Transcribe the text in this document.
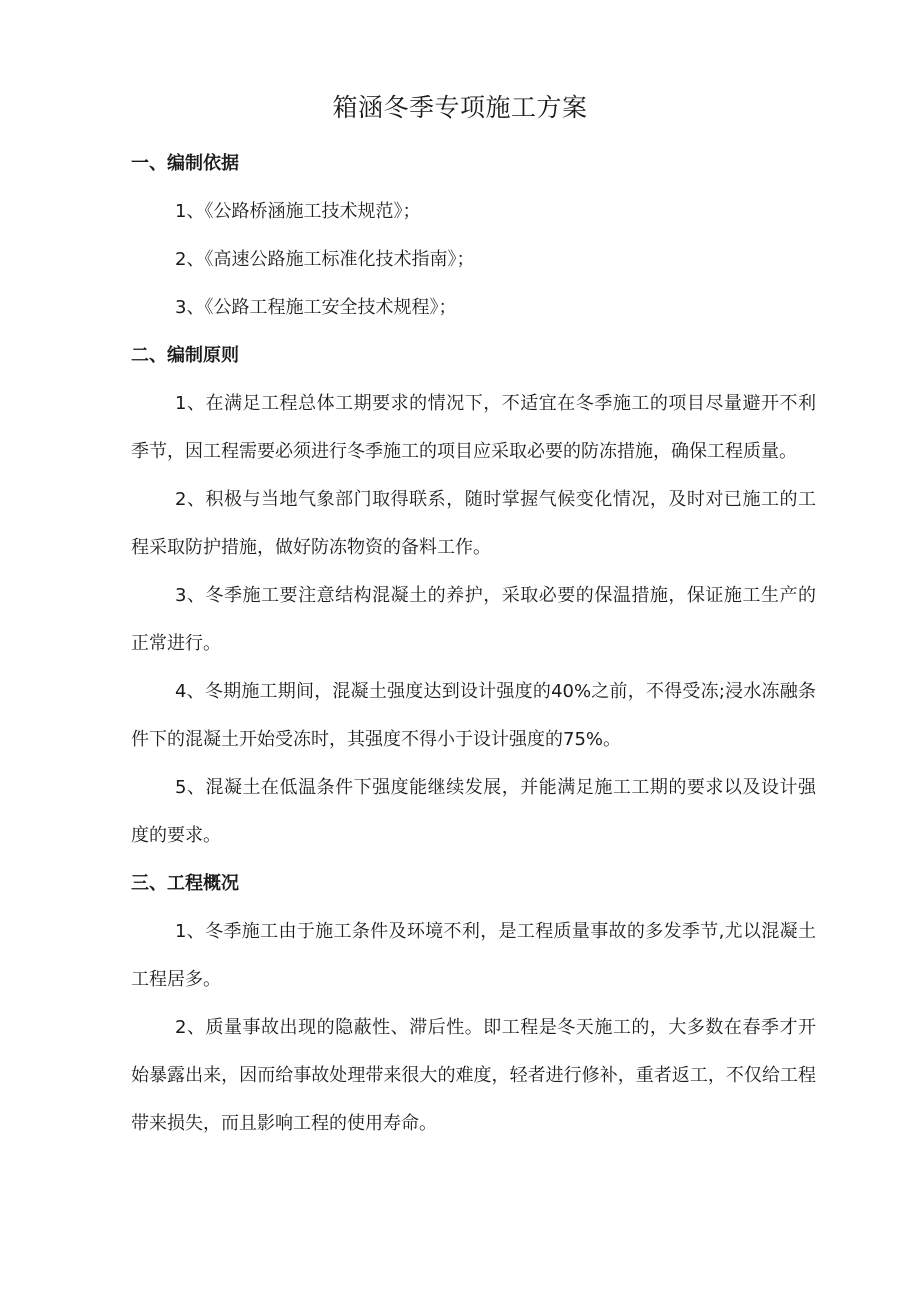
箱涵冬季专项施工方案

一、编制依据

1、《公路桥涵施工技术规范》；

2、《高速公路施工标准化技术指南》；

3、《公路工程施工安全技术规程》；

二、编制原则

1、在满足工程总体工期要求的情况下，不适宜在冬季施工的项目尽量避开不利季节，因工程需要必须进行冬季施工的项目应采取必要的防冻措施，确保工程质量。

2、积极与当地气象部门取得联系，随时掌握气候变化情况，及时对已施工的工程采取防护措施，做好防冻物资的备料工作。

3、冬季施工要注意结构混凝土的养护，采取必要的保温措施，保证施工生产的正常进行。

4、冬期施工期间，混凝土强度达到设计强度的40%之前，不得受冻;浸水冻融条件下的混凝土开始受冻时，其强度不得小于设计强度的75%。

5、混凝土在低温条件下强度能继续发展，并能满足施工工期的要求以及设计强度的要求。

三、工程概况

1、冬季施工由于施工条件及环境不利，是工程质量事故的多发季节,尤以混凝土工程居多。

2、质量事故出现的隐蔽性、滞后性。即工程是冬天施工的，大多数在春季才开始暴露出来，因而给事故处理带来很大的难度，轻者进行修补，重者返工，不仅给工程带来损失，而且影响工程的使用寿命。
